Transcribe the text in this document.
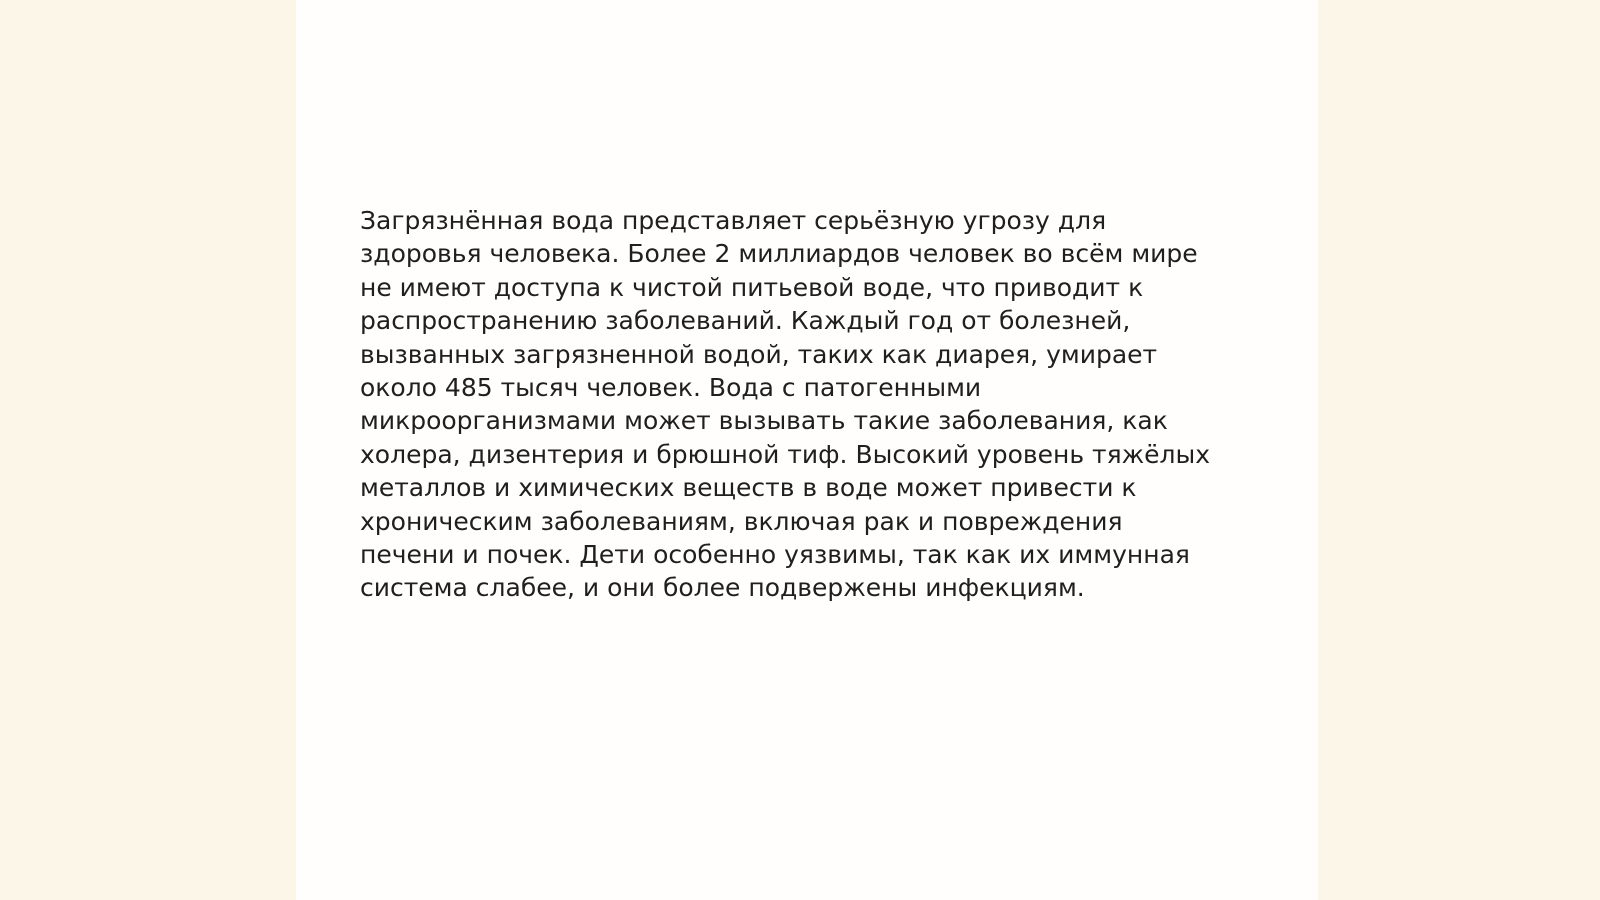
Загрязнённая вода представляет серьёзную угрозу для
здоровья человека. Более 2 миллиардов человек во всём мире
не имеют доступа к чистой питьевой воде, что приводит к
распространению заболеваний. Каждый год от болезней,
вызванных загрязненной водой, таких как диарея, умирает
около 485 тысяч человек. Вода с патогенными
микроорганизмами может вызывать такие заболевания, как
холера, дизентерия и брюшной тиф. Высокий уровень тяжёлых
металлов и химических веществ в воде может привести к
хроническим заболеваниям, включая рак и повреждения
печени и почек. Дети особенно уязвимы, так как их иммунная
система слабее, и они более подвержены инфекциям.
